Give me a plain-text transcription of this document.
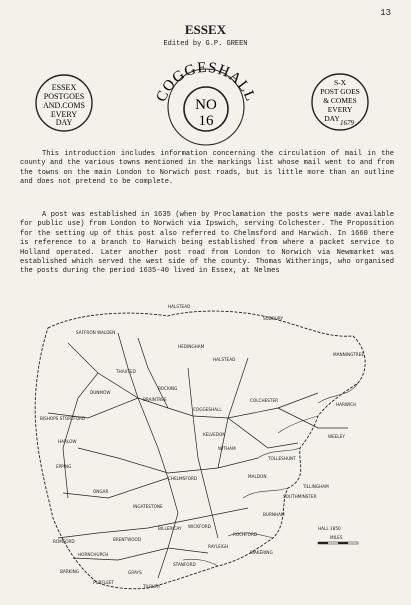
13
ESSEX
Edited by G.P. GREEN
ESSEX
POSTGOES
AND.COMS
EVERY
DAY
COGGESHALL
NO
16
S-X
POST GOES
& COMES
EVERY
DAY 1679

This introduction includes information concerning the circulation of mail in the county and the various towns mentioned in the markings list whose mail went to and from the towns on the main London to Norwich post roads, but is little more than an outline and does not pretend to be complete.

A post was established in 1635 (when by Proclamation the posts were made available for public use) from London to Norwich via Ipswich, serving Colchester. The Proposition for the setting up of this post also referred to Chelmsford and Harwich. In 1660 there is reference to a branch to Harwich being established from where a packet service to Holland operated. Later another post road from London to Norwich via Newmarket was established which served the west side of the county. Thomas Witherings, who organised the posts during the period 1635-40 lived in Essex, at Nelmes

HALSTEAD
SUDBURY
SAFFRON WALDEN
HEDINGHAM
THAXTED
MANNINGTREE
HALSTEAD
DUNMOW
BRAINTREE
COGGESHALL
COLCHESTER
BOCKING
HARWICH
BISHOPS STORTFORD
WEELEY
KELVEDON
WITHAM
HARLOW
TOLLESHUNT
EPPING
CHELMSFORD	MALDON
ONGAR
SOUTHMINSTER
BURNHAM
TILLINGHAM
INGATESTONE
BILLERICAY WICKFORD
ROCHFORD
ROMFORD
HORNCHURCH
BRENTWOOD
WAKERING
BARKING	GRAYS
TILBURY
PURFLEET
STANFORD
RAYLEIGH
HALL 1850
MILES
